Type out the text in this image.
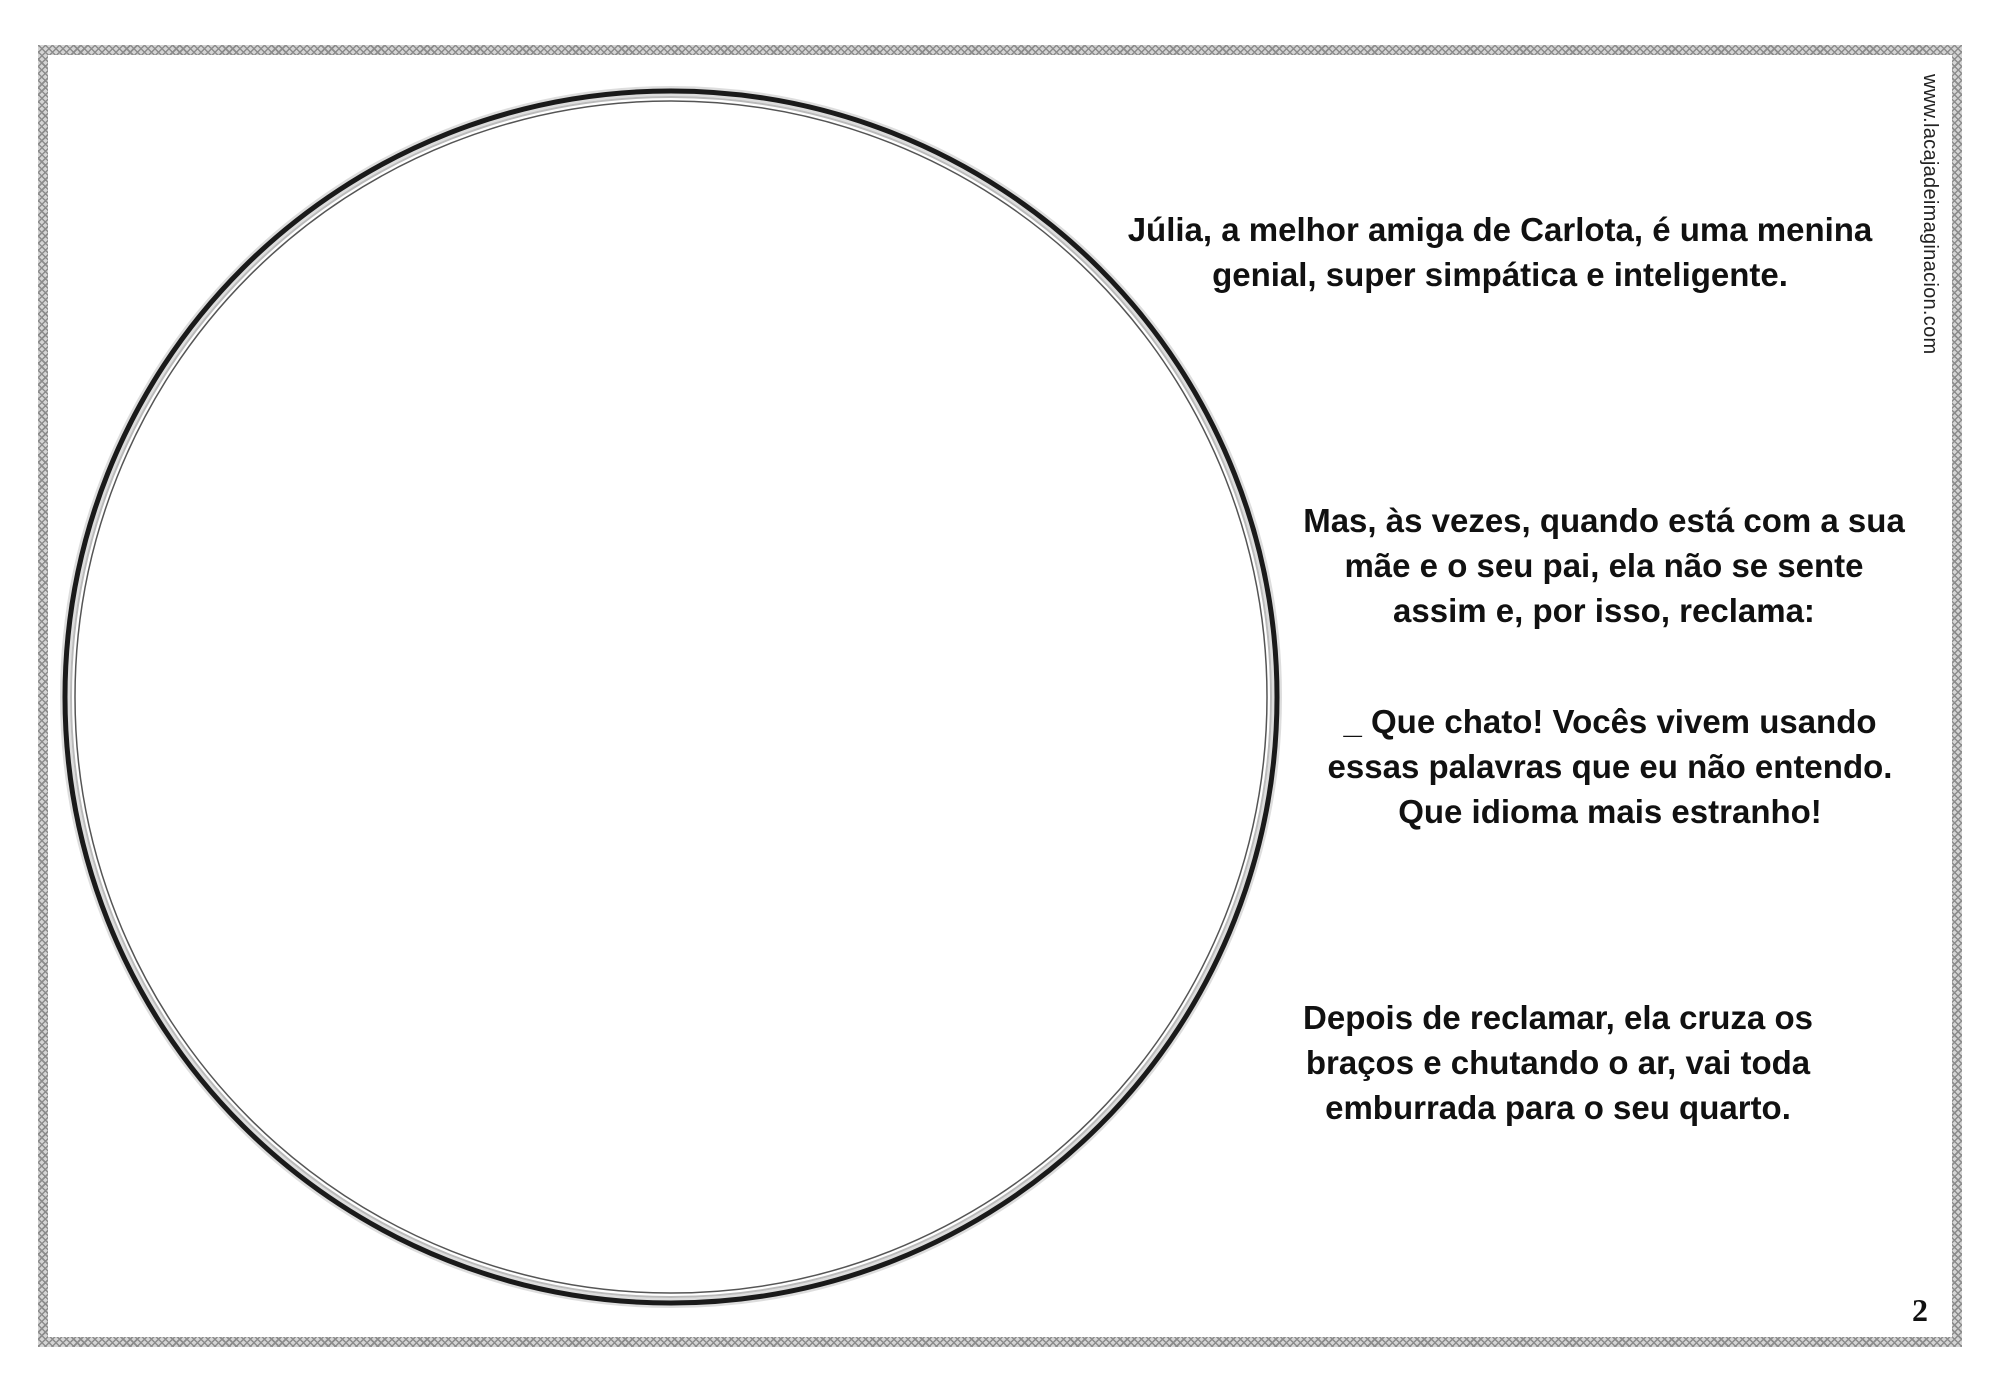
Júlia, a melhor amiga de Carlota, é uma menina
genial, super simpática e inteligente.
Mas, às vezes, quando está com a sua
mãe e o seu pai, ela não se sente
assim e, por isso, reclama:
_ Que chato! Vocês vivem usando
essas palavras que eu não entendo.
Que idioma mais estranho!
Depois de reclamar, ela cruza os
braços e chutando o ar, vai toda
emburrada para o seu quarto.
www.lacajadeimaginacion.com
2
